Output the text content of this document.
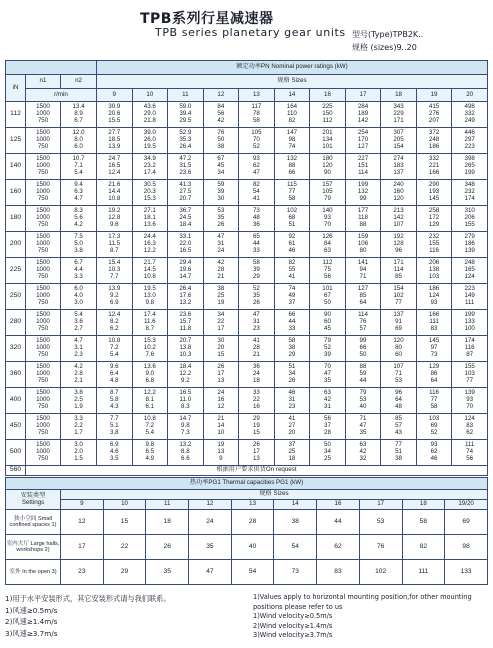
TPB系列行星减速器
TPB series planetary gear units 型号(Type)TPB2K..
规格 (sizes)9..20
			额定功率PN Nominal power ratings (kW)										
iN	n1	n2	规格 Sizes										
	r/min		9	10	11	12	13	14	16	17	18	19	20
112	1500
1000
750	13.4
8.9
6.7	30.9
20.6
15.5	43.6
29.0
21.8	59.0
39.4
29.5	84
56
42	117
78
58	164
110
82	225
150
112	284
189
142	343
229
171	415
276
207	498
332
249
125	1500
1000
750	12.0
8.0
6.0	27.7
18.5
13.9	39.0
26.0
19.5	52.9
35.3
26.4	76
50
38	105
70
52	147
98
74	201
134
101	254
170
127	307
205
154	372
248
186	446
297
223
140	1500
1000
750	10.7
7.1
5.4	24.7
16.5
12.4	34.9
23.2
17.4	47.2
31.5
23.6	67
45
34	93
62
47	132
88
66	180
120
90	227
151
114	274
183
137	332
221
166	398
265
199
160	1500
1000
750	9.4
6.3
4.7	21.6
14.4
10.8	30.5
20.3
15.3	41.3
27.5
20.7	59
39
30	82
54
41	115
77
58	157
105
79	199
132
99	240
160
120	290
193
145	348
232
174
180	1500
1000
750	8.3
5.6
4.2	19.2
12.8
9.6	27.1
18.1
13.6	36.7
24.5
18.4	53
35
26	73
48
36	102
68
51	140
93
70	177
118
88	213
142
107	258
172
129	310
206
155
200	1500
1000
750	7.5
5.0
3.8	17.3
11.5
8.7	24.4
16.3
12.2	33.1
22.0
16.5	47
31
24	65
44
33	92
61
46	126
84
63	159
106
80	192
128
96	232
155
116	279
186
139
225	1500
1000
750	6.7
4.4
3.3	15.4
10.3
7.7	21.7
14.5
10.8	29.4
19.6
14.7	42
28
21	58
39
29	82
55
41	112
75
56	141
94
71	171
114
85	206
138
103	248
165
124
250	1500
1000
750	6.0
4.0
3.0	13.9
9.2
6.9	19.5
13.0
9.8	26.4
17.6
13.2	38
25
19	52
35
26	74
49
37	101
67
50	127
85
64	154
102
77	186
124
93	223
149
111
280	1500
1000
750	5.4
3.6
2.7	12.4
8.2
6.2	17.4
11.6
8.7	23.6
15.7
11.8	34
22
17	47
31
23	66
44
33	90
60
45	114
76
57	137
91
69	166
111
83	199
133
100
320	1500
1000
750	4.7
3.1
2.3	10.8
7.2
5.4	15.3
10.2
7.6	20.7
13.8
10.3	30
20
15	41
28
21	58
38
29	79
52
39	99
66
50	120
80
60	145
97
73	174
116
87
360	1500
1000
750	4.2
2.8
2.1	9.6
6.4
4.8	13.6
9.0
6.8	18.4
12.2
9.2	26
17
13	36
24
18	51
34
26	70
47
35	88
59
44	107
71
53	129
86
64	155
103
77
400	1500
1000
750	3.8
2.5
1.9	8.7
5.8
4.3	12.2
8.1
6.1	16.5
11.0
8.3	24
16
12	33
22
16	46
31
23	63
42
31	79
53
40	96
64
48	116
77
58	139
93
70
450	1500
1000
750	3.3
2.2
1.7	7.7
5.1
3.8	10.8
7.2
5.4	14.7
9.8
7.3	21
14
10	29
19
15	41
27
20	56
37
28	71
47
35	85
57
43	103
69
52	124
83
62
500	1500
1000
750	3.0
2.0
1.5	6.9
4.6
3.5	9.8
6.5
4.9	13.2
8.8
6.6	19
13
9	26
17
13	37
25
18	50
34
25	63
42
32	77
51
38	93
62
46	111
74
56
560	根据用户要求供货On request												
热功率PG1 Thermal capacities PG1 (kW)										

安装类型
Settings	规格 Sizes									
	9	10	11	12	13	14	16	17	18	19/20
狭小空间 Small confined spaces 1)	12	15	18	24	28	38	44	53	58	69
室内大厅 Large halls, workshops 2)	17	22	26	35	40	54	62	76	82	98
室外 In the open 3)	23	29	35	47	54	73	83	102	111	133
1)用于水平安装形式，其它安装形式请与我们联系。
1)风速≥0.5m/s
2)风速≥1.4m/s
3)风速≥3.7m/s
1)Values apply to horizontal mounting position,for other mounting positions please refer to us
1)Wind velocity≥0.5m/s
2)Wind velocity≥1.4m/s
3)Wind velocity≥3.7m/s
